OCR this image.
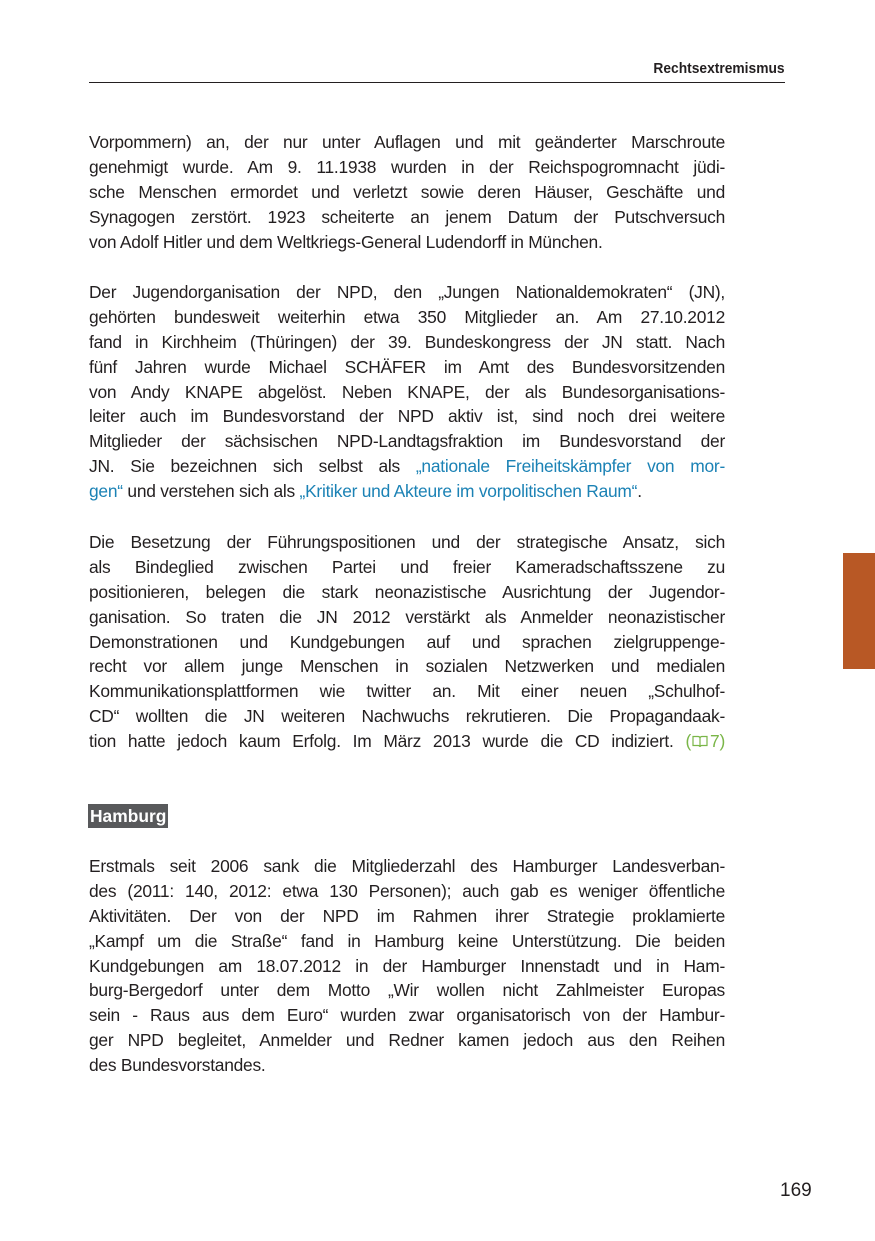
Rechtsextremismus
Vorpommern) an, der nur unter Auflagen und mit geänderter Marschroute
genehmigt wurde. Am 9. 11.1938 wurden in der Reichspogromnacht jüdi-
sche Menschen ermordet und verletzt sowie deren Häuser, Geschäfte und
Synagogen zerstört. 1923 scheiterte an jenem Datum der Putschversuch
von Adolf Hitler und dem Weltkriegs-General Ludendorff in München.
Der Jugendorganisation der NPD, den „Jungen Nationaldemokraten“ (JN),
gehörten bundesweit weiterhin etwa 350 Mitglieder an. Am 27.10.2012
fand in Kirchheim (Thüringen) der 39. Bundeskongress der JN statt. Nach
fünf Jahren wurde Michael SCHÄFER im Amt des Bundesvorsitzenden
von Andy KNAPE abgelöst. Neben KNAPE, der als Bundesorganisations-
leiter auch im Bundesvorstand der NPD aktiv ist, sind noch drei weitere
Mitglieder der sächsischen NPD-Landtagsfraktion im Bundesvorstand der
JN. Sie bezeichnen sich selbst als „nationale Freiheitskämpfer von mor-
gen“ und verstehen sich als „Kritiker und Akteure im vorpolitischen Raum“.
Die Besetzung der Führungspositionen und der strategische Ansatz, sich
als Bindeglied zwischen Partei und freier Kameradschaftsszene zu
positionieren, belegen die stark neonazistische Ausrichtung der Jugendor-
ganisation. So traten die JN 2012 verstärkt als Anmelder neonazistischer
Demonstrationen und Kundgebungen auf und sprachen zielgruppenge-
recht vor allem junge Menschen in sozialen Netzwerken und medialen
Kommunikationsplattformen wie twitter an. Mit einer neuen „Schulhof-
CD“ wollten die JN weiteren Nachwuchs rekrutieren. Die Propagandaak-
tion hatte jedoch kaum Erfolg. Im März 2013 wurde die CD indiziert. ( 7)
Hamburg
Erstmals seit 2006 sank die Mitgliederzahl des Hamburger Landesverban-
des (2011: 140, 2012: etwa 130 Personen); auch gab es weniger öffentliche
Aktivitäten. Der von der NPD im Rahmen ihrer Strategie proklamierte
„Kampf um die Straße“ fand in Hamburg keine Unterstützung. Die beiden
Kundgebungen am 18.07.2012 in der Hamburger Innenstadt und in Ham-
burg-Bergedorf unter dem Motto „Wir wollen nicht Zahlmeister Europas
sein - Raus aus dem Euro“ wurden zwar organisatorisch von der Hambur-
ger NPD begleitet, Anmelder und Redner kamen jedoch aus den Reihen
des Bundesvorstandes.
169
